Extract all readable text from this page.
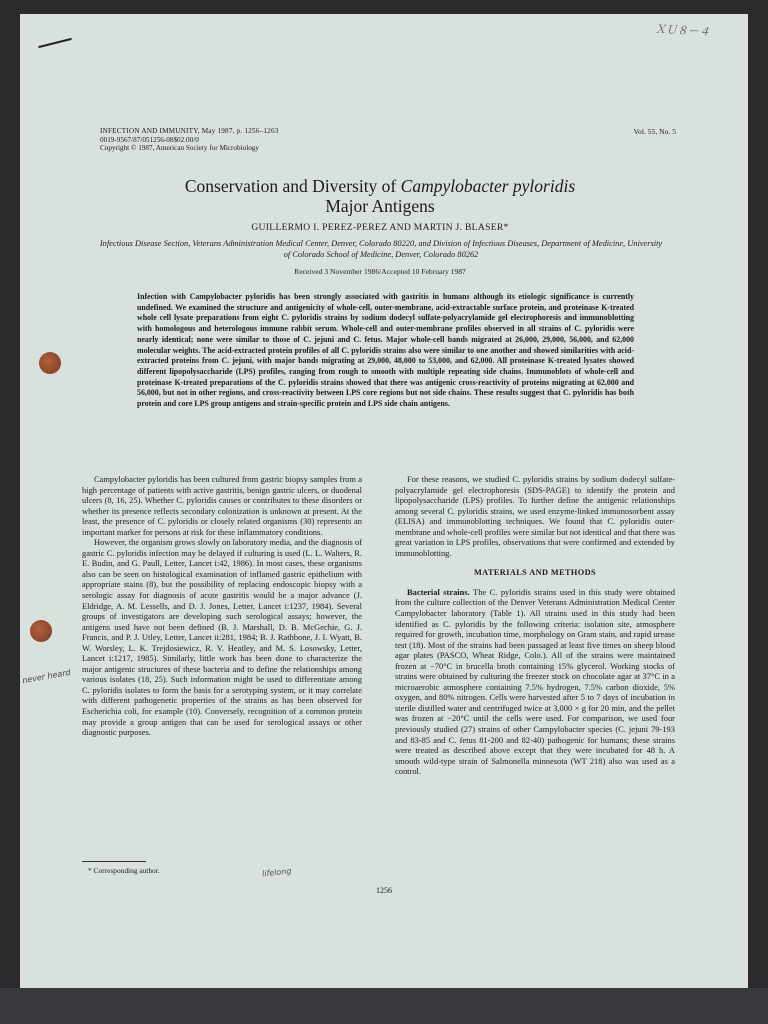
ＸＵ８ー４
INFECTION AND IMMUNITY, May 1987, p. 1256–1263
0019-9567/87/051256-08$02.00/0
Copyright © 1987, American Society for Microbiology
Vol. 55, No. 5
Conservation and Diversity of Campylobacter pyloridis
Major Antigens
GUILLERMO I. PEREZ-PEREZ AND MARTIN J. BLASER*
Infectious Disease Section, Veterans Administration Medical Center, Denver, Colorado 80220, and Division of Infectious Diseases, Department of Medicine, University of Colorado School of Medicine, Denver, Colorado 80262
Received 3 November 1986/Accepted 10 February 1987
Infection with Campylobacter pyloridis has been strongly associated with gastritis in humans although its etiologic significance is currently undefined. We examined the structure and antigenicity of whole-cell, outer-membrane, acid-extractable surface protein, and proteinase K-treated whole cell lysate preparations from eight C. pyloridis strains by sodium dodecyl sulfate-polyacrylamide gel electrophoresis and immunoblotting with homologous and heterologous immune rabbit serum. Whole-cell and outer-membrane profiles observed in all strains of C. pyloridis were nearly identical; none were similar to those of C. jejuni and C. fetus. Major whole-cell bands migrated at 26,000, 29,000, 56,000, and 62,000 molecular weights. The acid-extracted protein profiles of all C. pyloridis strains also were similar to one another and showed similarities with acid-extracted proteins from C. jejuni, with major bands migrating at 29,000, 48,000 to 53,000, and 62,000. All proteinase K-treated lysates showed different lipopolysaccharide (LPS) profiles, ranging from rough to smooth with multiple repeating side chains. Immunoblots of whole-cell and proteinase K-treated preparations of the C. pyloridis strains showed that there was antigenic cross-reactivity of proteins migrating at 62,000 and 56,000, but not in other regions, and cross-reactivity between LPS core regions but not side chains. These results suggest that C. pyloridis has both protein and core LPS group antigens and strain-specific protein and LPS side chain antigens.

Campylobacter pyloridis has been cultured from gastric biopsy samples from a high percentage of patients with active gastritis, benign gastric ulcers, or duodenal ulcers (8, 16, 25). Whether C. pyloridis causes or contributes to these disorders or whether its presence reflects secondary colonization is unknown at present. At the least, the presence of C. pyloridis or closely related organisms (30) represents an important marker for persons at risk for these inflammatory conditions.

However, the organism grows slowly on laboratory media, and the diagnosis of gastric C. pyloridis infection may be delayed if culturing is used (L. L. Walters, R. E. Budin, and G. Paull, Letter, Lancet i:42, 1986). In most cases, these organisms also can be seen on histological examination of inflamed gastric epithelium with appropriate stains (8), but the possibility of replacing endoscopic biopsy with a serologic assay for diagnosis of acute gastritis would be a major advance (J. Eldridge, A. M. Lessells, and D. J. Jones, Letter, Lancet i:1237, 1984). Several groups of investigators are developing such serological assays; however, the antigens used have not been defined (B. J. Marshall, D. B. McGechie, G. J. Francis, and P. J. Utley, Letter, Lancet ii:281, 1984; B. J. Rathbone, J. I. Wyatt, B. W. Worsley, L. K. Trejdosiewicz, R. V. Heatley, and M. S. Losowsky, Letter, Lancet i:1217, 1985). Similarly, little work has been done to characterize the major antigenic structures of these bacteria and to define the relationships among various isolates (18, 25). Such information might be used to differentiate among C. pyloridis isolates to form the basis for a serotyping system, or it may correlate with different pathogenetic properties of the strains as has been observed for Escherichia coli, for example (10). Conversely, recognition of a common protein may provide a group antigen that can be used for serological assays or other diagnostic purposes.

For these reasons, we studied C. pyloridis strains by sodium dodecyl sulfate-polyacrylamide gel electrophoresis (SDS-PAGE) to identify the protein and lipopolysaccharide (LPS) profiles. To further define the antigenic relationships among several C. pyloridis strains, we used enzyme-linked immunosorbent assay (ELISA) and immunoblotting techniques. We found that C. pyloridis outer-membrane and whole-cell profiles were similar but not identical and that there was great variation in LPS profiles, observations that were confirmed and extended by immunoblotting.

MATERIALS AND METHODS

Bacterial strains. The C. pyloridis strains used in this study were obtained from the culture collection of the Denver Veterans Administration Medical Center Campylobacter laboratory (Table 1). All strains used in this study had been identified as C. pyloridis by the following criteria: isolation site, atmosphere required for growth, incubation time, morphology on Gram stain, and rapid urease test (18). Most of the strains had been passaged at least five times on sheep blood agar plates (PASCO, Wheat Ridge, Colo.). All of the strains were maintained frozen at −70°C in brucella broth containing 15% glycerol. Working stocks of strains were obtained by culturing the freezer stock on chocolate agar at 37°C in a microaerobic atmosphere containing 7.5% hydrogen, 7.5% carbon dioxide, 5% oxygen, and 80% nitrogen. Cells were harvested after 5 to 7 days of incubation in sterile distilled water and centrifuged twice at 3,000 × g for 20 min, and the pellet was frozen at −20°C until the cells were used. For comparison, we used four previously studied (27) strains of other Campylobacter species (C. jejuni 79-193 and 83-85 and C. fetus 81-200 and 82-40) pathogenic for humans; these strains were treated as described above except that they were incubated for 48 h. A smooth wild-type strain of Salmonella minnesota (WT 218) also was used as a control.

never heard
lifelong
* Corresponding author.
1256
